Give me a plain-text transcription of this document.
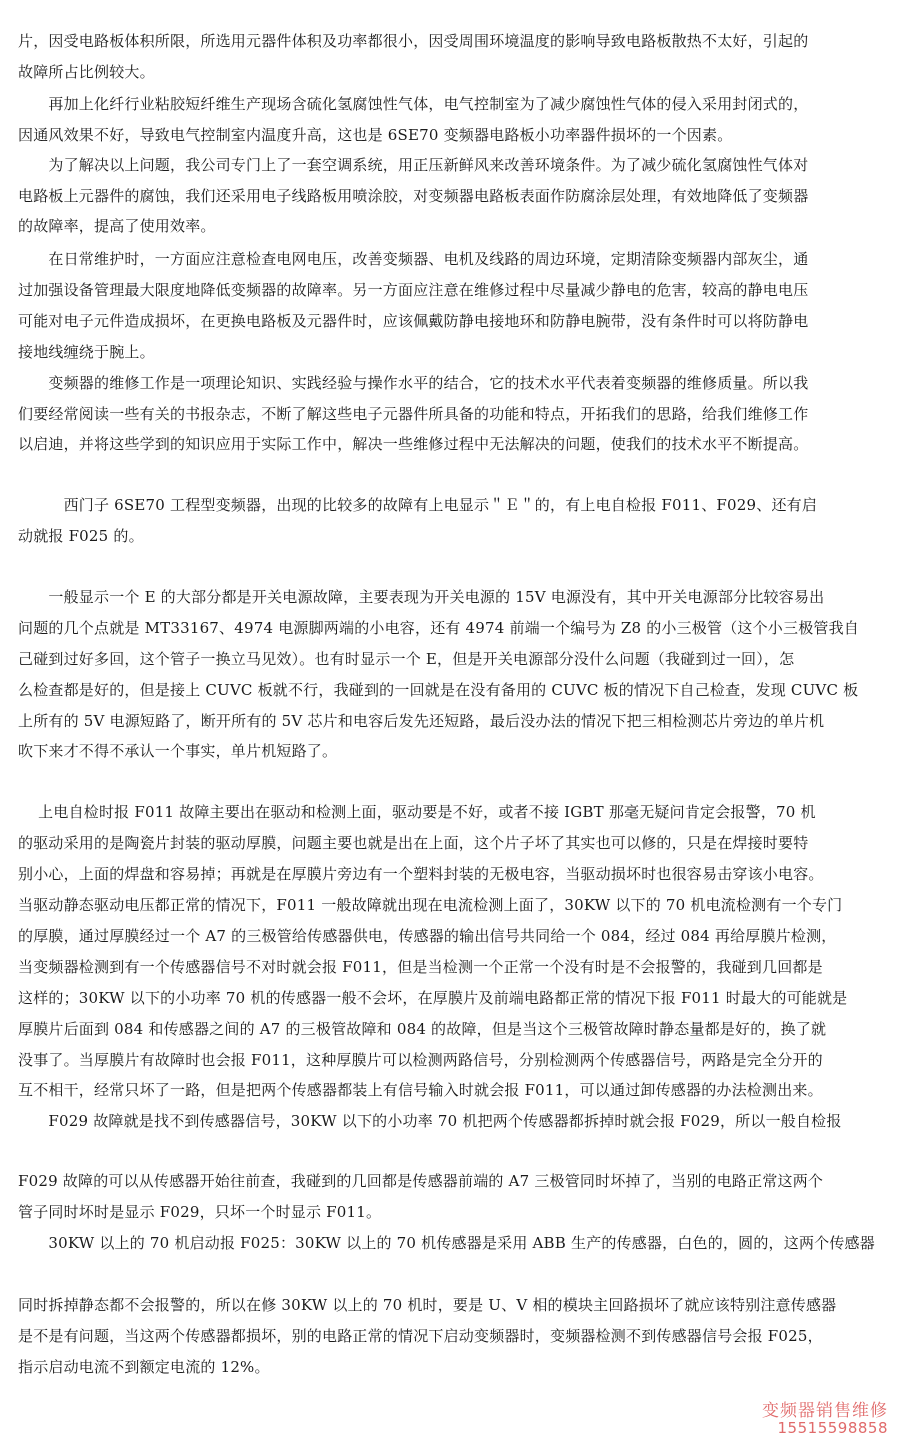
片，因受电路板体积所限，所选用元器件体积及功率都很小，因受周围环境温度的影响导致电路板散热不太好，引起的
故障所占比例较大。
　　再加上化纤行业粘胶短纤维生产现场含硫化氢腐蚀性气体，电气控制室为了减少腐蚀性气体的侵入采用封闭式的，
因通风效果不好，导致电气控制室内温度升高，这也是 6SE70 变频器电路板小功率器件损坏的一个因素。
　　为了解决以上问题，我公司专门上了一套空调系统，用正压新鲜风来改善环境条件。为了减少硫化氢腐蚀性气体对
电路板上元器件的腐蚀，我们还采用电子线路板用喷涂胶，对变频器电路板表面作防腐涂层处理，有效地降低了变频器
的故障率，提高了使用效率。
　　在日常维护时，一方面应注意检查电网电压，改善变频器、电机及线路的周边环境，定期清除变频器内部灰尘，通
过加强设备管理最大限度地降低变频器的故障率。另一方面应注意在维修过程中尽量减少静电的危害，较高的静电电压
可能对电子元件造成损坏，在更换电路板及元器件时，应该佩戴防静电接地环和防静电腕带，没有条件时可以将防静电
接地线缠绕于腕上。
　　变频器的维修工作是一项理论知识、实践经验与操作水平的结合，它的技术水平代表着变频器的维修质量。所以我
们要经常阅读一些有关的书报杂志，不断了解这些电子元器件所具备的功能和特点，开拓我们的思路，给我们维修工作
以启迪，并将这些学到的知识应用于实际工作中，解决一些维修过程中无法解决的问题，使我们的技术水平不断提高。
　　　西门子 6SE70 工程型变频器，出现的比较多的故障有上电显示＂Ｅ＂的，有上电自检报 F011、F029、还有启
动就报 F025 的。
　　一般显示一个 E 的大部分都是开关电源故障，主要表现为开关电源的 15V 电源没有，其中开关电源部分比较容易出
问题的几个点就是 MT33167、4974 电源脚两端的小电容，还有 4974 前端一个编号为 Z8 的小三极管（这个小三极管我自
己碰到过好多回，这个管子一换立马见效）。也有时显示一个 E，但是开关电源部分没什么问题（我碰到过一回），怎
么检查都是好的，但是接上 CUVC 板就不行，我碰到的一回就是在没有备用的 CUVC 板的情况下自己检查，发现 CUVC 板
上所有的 5V 电源短路了，断开所有的 5V 芯片和电容后发先还短路，最后没办法的情况下把三相检测芯片旁边的单片机
吹下来才不得不承认一个事实，单片机短路了。
　 上电自检时报 F011 故障主要出在驱动和检测上面，驱动要是不好，或者不接 IGBT 那毫无疑问肯定会报警，70 机
的驱动采用的是陶瓷片封装的驱动厚膜，问题主要也就是出在上面，这个片子坏了其实也可以修的，只是在焊接时要特
别小心，上面的焊盘和容易掉；再就是在厚膜片旁边有一个塑料封装的无极电容，当驱动损坏时也很容易击穿该小电容。
当驱动静态驱动电压都正常的情况下，F011 一般故障就出现在电流检测上面了，30KW 以下的 70 机电流检测有一个专门
的厚膜，通过厚膜经过一个 A7 的三极管给传感器供电，传感器的输出信号共同给一个 084，经过 084 再给厚膜片检测，
当变频器检测到有一个传感器信号不对时就会报 F011，但是当检测一个正常一个没有时是不会报警的，我碰到几回都是
这样的；30KW 以下的小功率 70 机的传感器一般不会坏，在厚膜片及前端电路都正常的情况下报 F011 时最大的可能就是
厚膜片后面到 084 和传感器之间的 A7 的三极管故障和 084 的故障，但是当这个三极管故障时静态量都是好的，换了就
没事了。当厚膜片有故障时也会报 F011，这种厚膜片可以检测两路信号，分别检测两个传感器信号，两路是完全分开的
互不相干，经常只坏了一路，但是把两个传感器都装上有信号输入时就会报 F011，可以通过卸传感器的办法检测出来。
　　F029 故障就是找不到传感器信号，30KW 以下的小功率 70 机把两个传感器都拆掉时就会报 F029，所以一般自检报
F029 故障的可以从传感器开始往前查，我碰到的几回都是传感器前端的 A7 三极管同时坏掉了，当别的电路正常这两个
管子同时坏时是显示 F029，只坏一个时显示 F011。
　　30KW 以上的 70 机启动报 F025：30KW 以上的 70 机传感器是采用 ABB 生产的传感器，白色的，圆的，这两个传感器
同时拆掉静态都不会报警的，所以在修 30KW 以上的 70 机时，要是 U、V 相的模块主回路损坏了就应该特别注意传感器
是不是有问题，当这两个传感器都损坏，别的电路正常的情况下启动变频器时，变频器检测不到传感器信号会报 F025，
指示启动电流不到额定电流的 12%。
变频器销售维修
15515598858
